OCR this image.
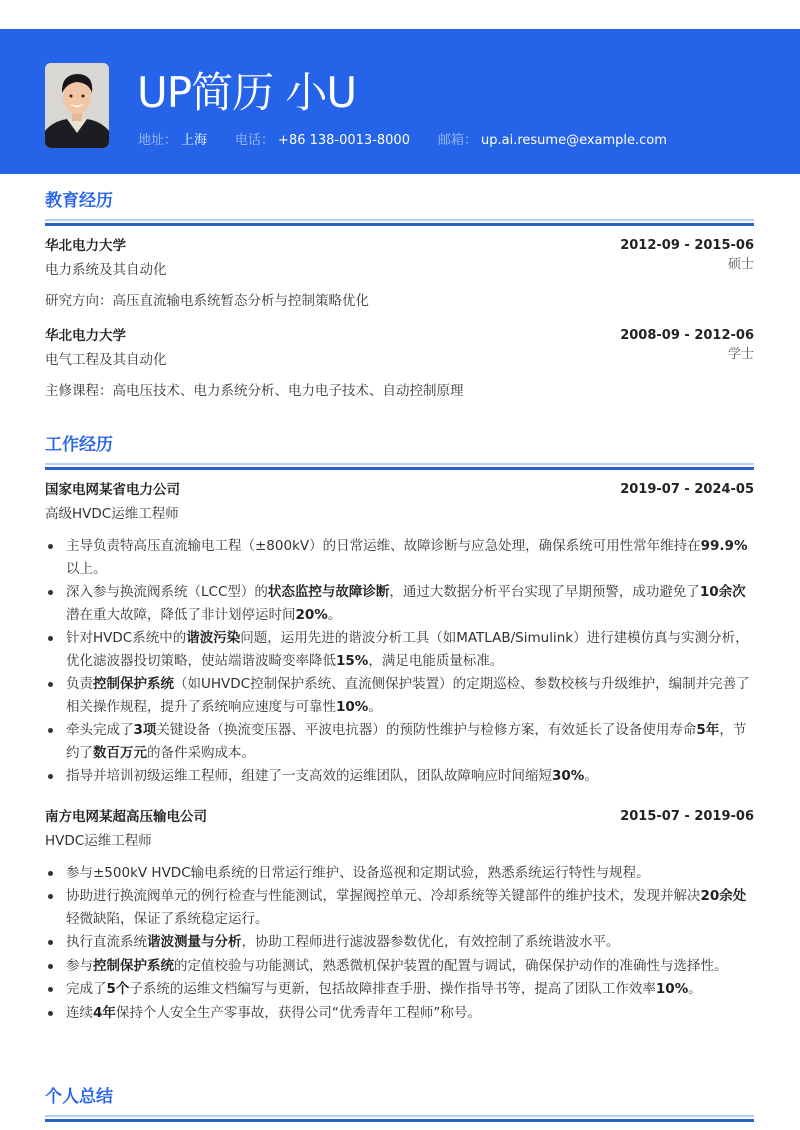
UP简历 小U
地址： 上海 电话： +86 138-0013-8000 邮箱： up.ai.resume@example.com
教育经历
华北电力大学	2012-09 - 2015-06
硕士
电力系统及其自动化
研究方向：高压直流输电系统暂态分析与控制策略优化
华北电力大学	2008-09 - 2012-06
学士
电气工程及其自动化
主修课程：高电压技术、电力系统分析、电力电子技术、自动控制原理
工作经历
国家电网某省电力公司	2019-07 - 2024-05
高级HVDC运维工程师
主导负责特高压直流输电工程（±800kV）的日常运维、故障诊断与应急处理，确保系统可用性常年维持在99.9%以上。
深入参与换流阀系统（LCC型）的状态监控与故障诊断，通过大数据分析平台实现了早期预警，成功避免了10余次潜在重大故障，降低了非计划停运时间20%。
针对HVDC系统中的谐波污染问题，运用先进的谐波分析工具（如MATLAB/Simulink）进行建模仿真与实测分析，优化滤波器投切策略，使站端谐波畸变率降低15%，满足电能质量标准。
负责控制保护系统（如UHVDC控制保护系统、直流侧保护装置）的定期巡检、参数校核与升级维护，编制并完善了相关操作规程，提升了系统响应速度与可靠性10%。
牵头完成了3项关键设备（换流变压器、平波电抗器）的预防性维护与检修方案，有效延长了设备使用寿命5年，节约了数百万元的备件采购成本。
指导并培训初级运维工程师，组建了一支高效的运维团队，团队故障响应时间缩短30%。
南方电网某超高压输电公司	2015-07 - 2019-06
HVDC运维工程师
参与±500kV HVDC输电系统的日常运行维护、设备巡视和定期试验，熟悉系统运行特性与规程。
协助进行换流阀单元的例行检查与性能测试，掌握阀控单元、冷却系统等关键部件的维护技术，发现并解决20余处轻微缺陷，保证了系统稳定运行。
执行直流系统谐波测量与分析，协助工程师进行滤波器参数优化，有效控制了系统谐波水平。
参与控制保护系统的定值校验与功能测试，熟悉微机保护装置的配置与调试，确保保护动作的准确性与选择性。
完成了5个子系统的运维文档编写与更新，包括故障排查手册、操作指导书等，提高了团队工作效率10%。
连续4年保持个人安全生产零事故，获得公司“优秀青年工程师”称号。
个人总结
